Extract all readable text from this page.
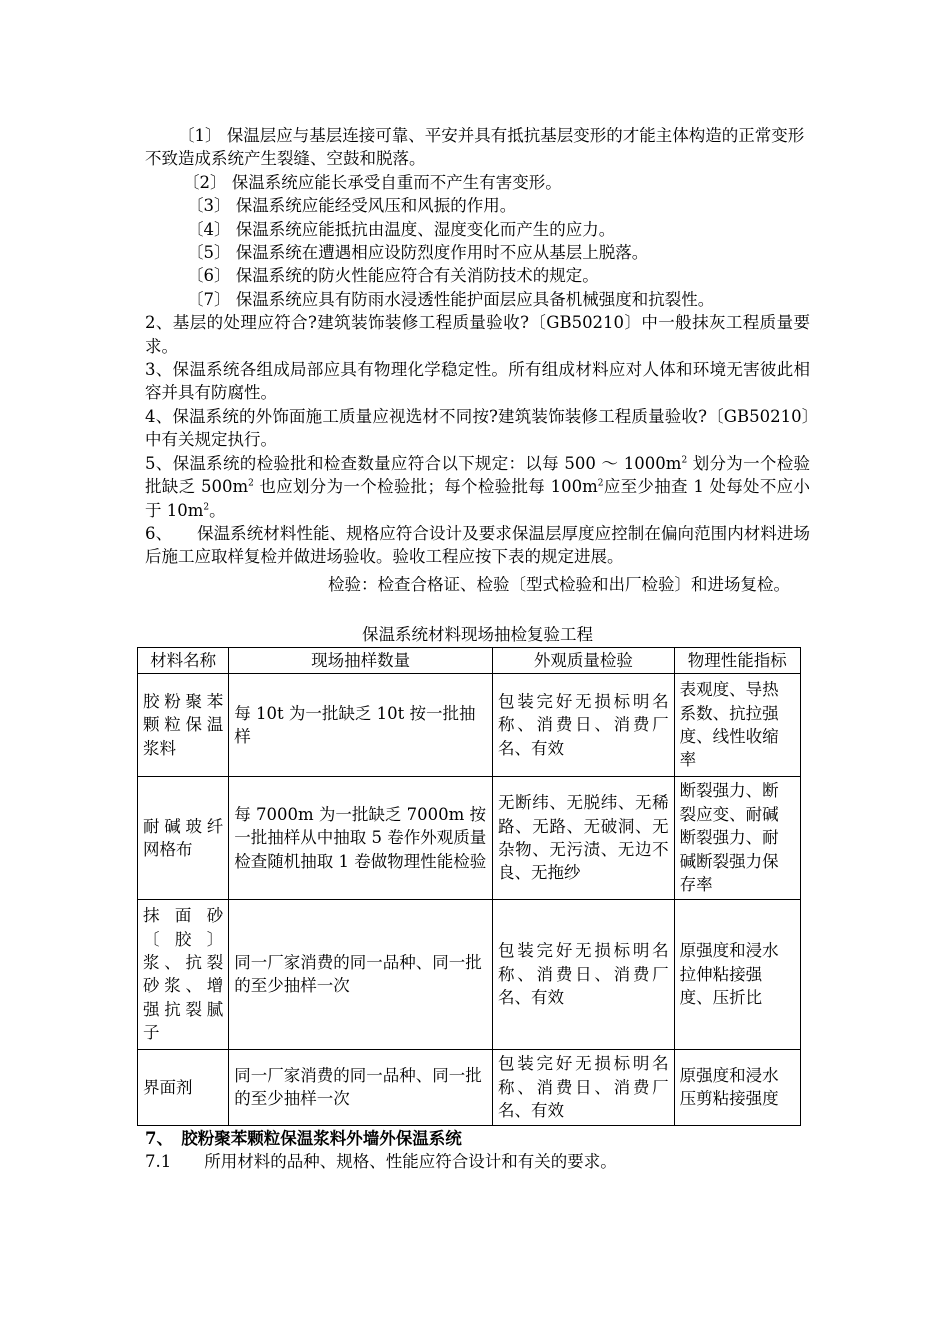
〔1〕 保温层应与基层连接可靠、平安并具有抵抗基层变形的才能主体构造的正常变形不致造成系统产生裂缝、空鼓和脱落。

〔2〕 保温系统应能长承受自重而不产生有害变形。

〔3〕 保温系统应能经受风压和风振的作用。

〔4〕 保温系统应能抵抗由温度、湿度变化而产生的应力。

〔5〕 保温系统在遭遇相应设防烈度作用时不应从基层上脱落。

〔6〕 保温系统的防火性能应符合有关消防技术的规定。

〔7〕 保温系统应具有防雨水浸透性能护面层应具备机械强度和抗裂性。

2、基层的处理应符合?建筑装饰装修工程质量验收?〔GB50210〕中一般抹灰工程质量要求。

3、保温系统各组成局部应具有物理化学稳定性。所有组成材料应对人体和环境无害彼此相容并具有防腐性。

4、保温系统的外饰面施工质量应视选材不同按?建筑装饰装修工程质量验收?〔GB50210〕中有关规定执行。

5、保温系统的检验批和检查数量应符合以下规定：以每 500 ～ $1000m^2$ 划分为一个检验批缺乏 $500m^2$ 也应划分为一个检验批；每个检验批每 $100m^2$应至少抽查 1 处每处不应小于 $10m^2$。

6、　　保温系统材料性能、规格应符合设计及要求保温层厚度应控制在偏向范围内材料进场后施工应取样复检并做进场验收。验收工程应按下表的规定进展。

检验：检查合格证、检验〔型式检验和出厂检验〕和进场复检。

保温系统材料现场抽检复验工程

材料名称	现场抽样数量	外观质量检验	物理性能指标
胶粉聚苯颗粒保温浆料	每 10t 为一批缺乏 10t 按一批抽样	包装完好无损标明名称、消费日、消费厂名、有效	表观度、导热系数、抗拉强度、线性收缩率
耐碱玻纤网格布	每 7000m 为一批缺乏 7000m 按一批抽样从中抽取 5 卷作外观质量检查随机抽取 1 卷做物理性能检验	无断纬、无脱纬、无稀路、无路、无破洞、无杂物、无污渍、无边不良、无拖纱	断裂强力、断裂应变、耐碱断裂强力、耐碱断裂强力保存率
抹面砂〔胶〕浆、抗裂砂浆、增强抗裂腻子	同一厂家消费的同一品种、同一批的至少抽样一次	包装完好无损标明名称、消费日、消费厂名、有效	原强度和浸水拉伸粘接强度、压折比
界面剂	同一厂家消费的同一品种、同一批的至少抽样一次	包装完好无损标明名称、消费日、消费厂名、有效	原强度和浸水压剪粘接强度

7、　胶粉聚苯颗粒保温浆料外墙外保温系统

7.1　　所用材料的品种、规格、性能应符合设计和有关的要求。
